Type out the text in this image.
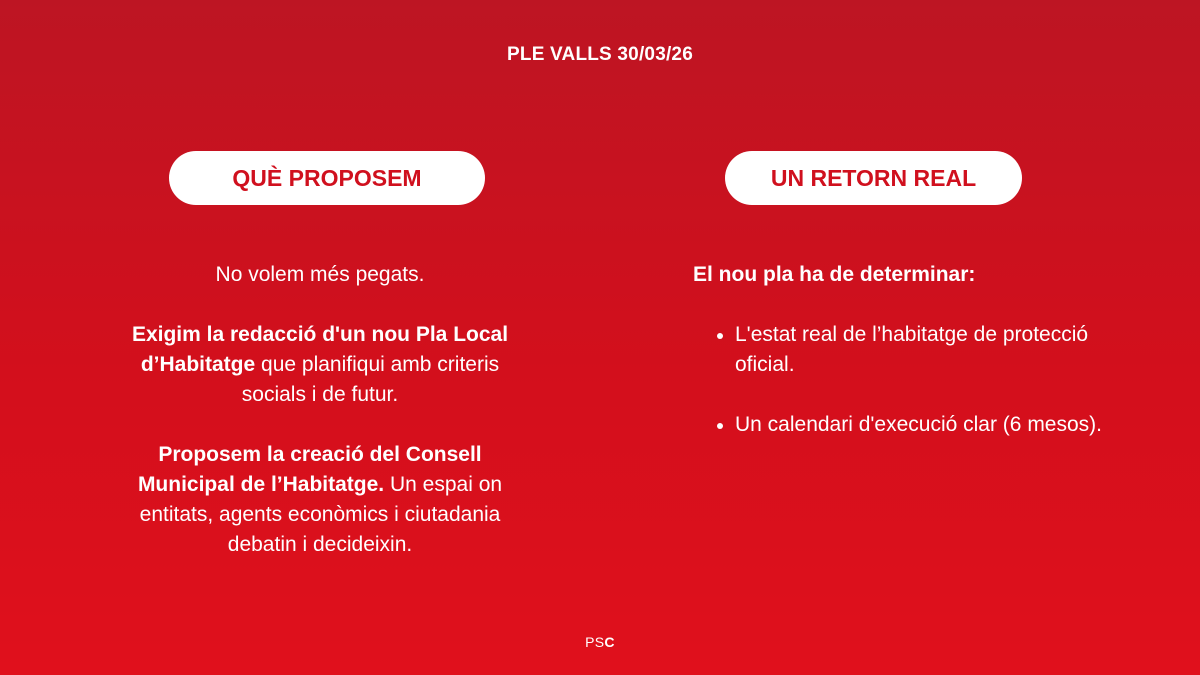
PLE VALLS 30/03/26
QUÈ PROPOSEM	UN RETORN REAL

No volem més pegats.

Exigim la redacció d'un nou Pla Local d’Habitatge que planifiqui amb criteris socials i de futur.

Proposem la creació del Consell Municipal de l’Habitatge. Un espai on entitats, agents econòmics i ciutadania debatin i decideixin.

El nou pla ha de determinar:
L'estat real de l’habitatge de protecció oficial.
Un calendari d'execució clar (6 mesos).
PSC
